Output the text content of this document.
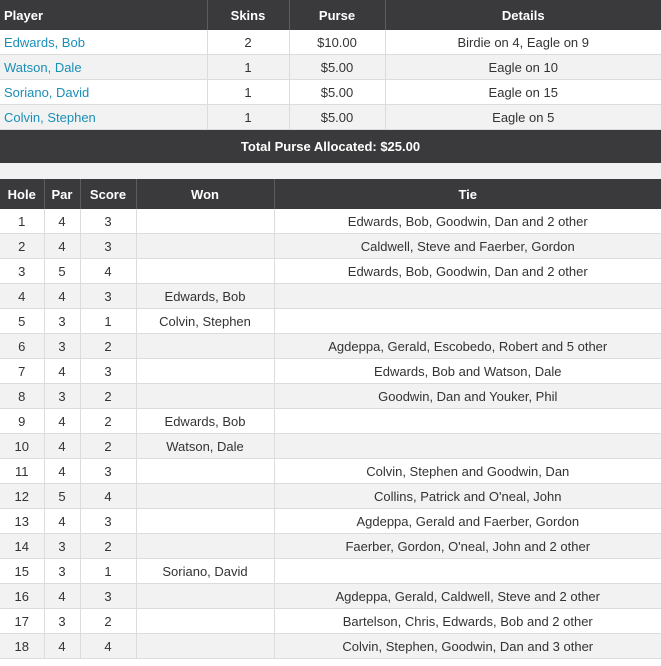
Player	Skins	Purse	Details
Edwards, Bob	2	$10.00	Birdie on 4, Eagle on 9
Watson, Dale	1	$5.00	Eagle on 10
Soriano, David	1	$5.00	Eagle on 15
Colvin, Stephen	1	$5.00	Eagle on 5
Total Purse Allocated: $25.00
Hole	Par	Score	Won	Tie
1	4	3		Edwards, Bob, Goodwin, Dan and 2 other
2	4	3		Caldwell, Steve and Faerber, Gordon
3	5	4		Edwards, Bob, Goodwin, Dan and 2 other
4	4	3	Edwards, Bob	
5	3	1	Colvin, Stephen	
6	3	2		Agdeppa, Gerald, Escobedo, Robert and 5 other
7	4	3		Edwards, Bob and Watson, Dale
8	3	2		Goodwin, Dan and Youker, Phil
9	4	2	Edwards, Bob	
10	4	2	Watson, Dale	
11	4	3		Colvin, Stephen and Goodwin, Dan
12	5	4		Collins, Patrick and O'neal, John
13	4	3		Agdeppa, Gerald and Faerber, Gordon
14	3	2		Faerber, Gordon, O'neal, John and 2 other
15	3	1	Soriano, David	
16	4	3		Agdeppa, Gerald, Caldwell, Steve and 2 other
17	3	2		Bartelson, Chris, Edwards, Bob and 2 other
18	4	4		Colvin, Stephen, Goodwin, Dan and 3 other
